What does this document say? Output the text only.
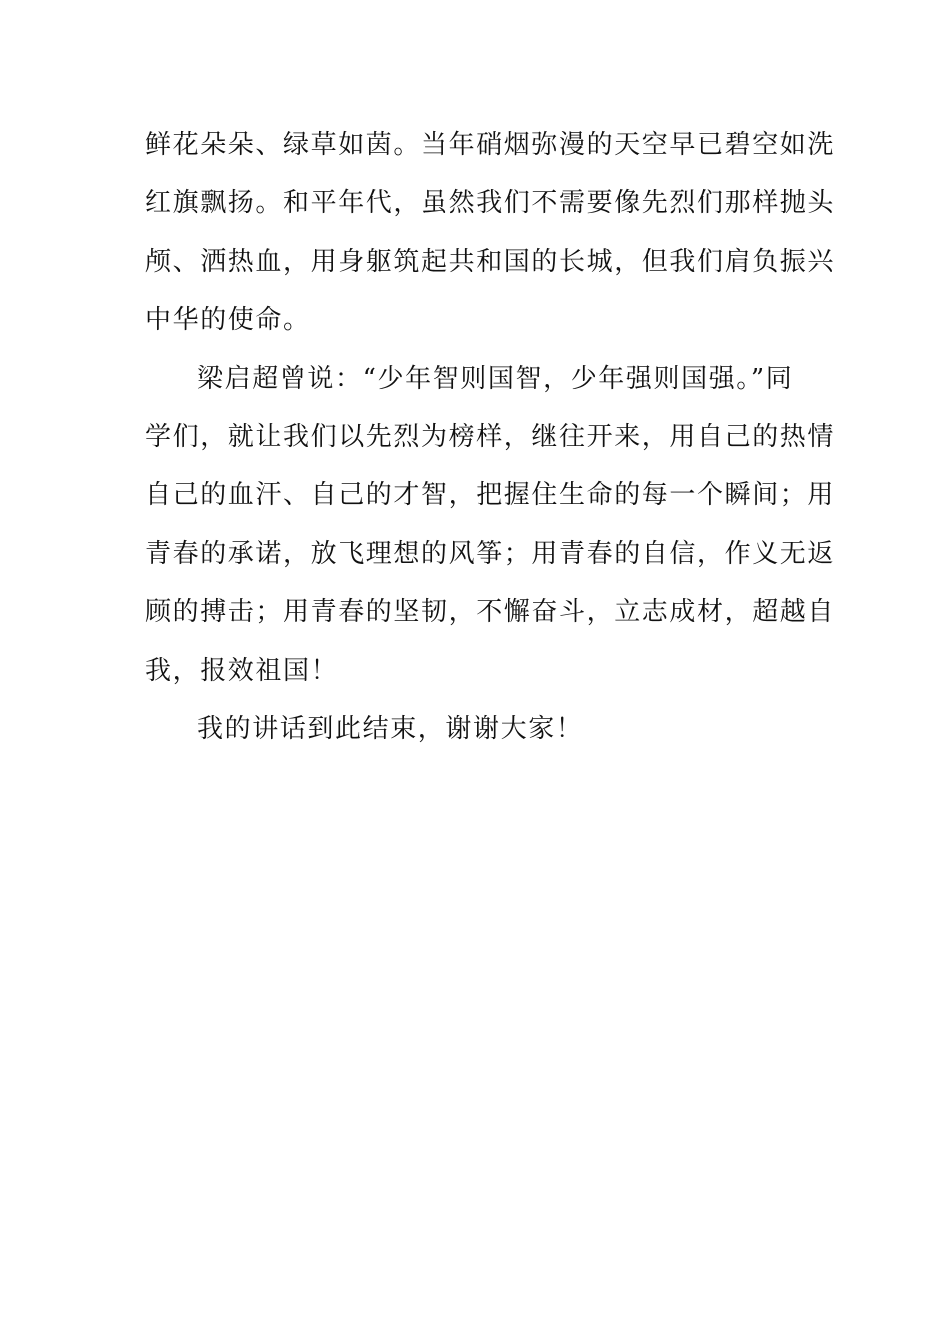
鲜花朵朵、绿草如茵。当年硝烟弥漫的天空早已碧空如洗
红旗飘扬。和平年代，虽然我们不需要像先烈们那样抛头
颅、洒热血，用身躯筑起共和国的长城，但我们肩负振兴
中华的使命。
梁启超曾说：“少年智则国智，少年强则国强。”同
学们，就让我们以先烈为榜样，继往开来，用自己的热情
自己的血汗、自己的才智，把握住生命的每一个瞬间；用
青春的承诺，放飞理想的风筝；用青春的自信，作义无返
顾的搏击；用青春的坚韧，不懈奋斗，立志成材，超越自
我，报效祖国！
我的讲话到此结束，谢谢大家！
